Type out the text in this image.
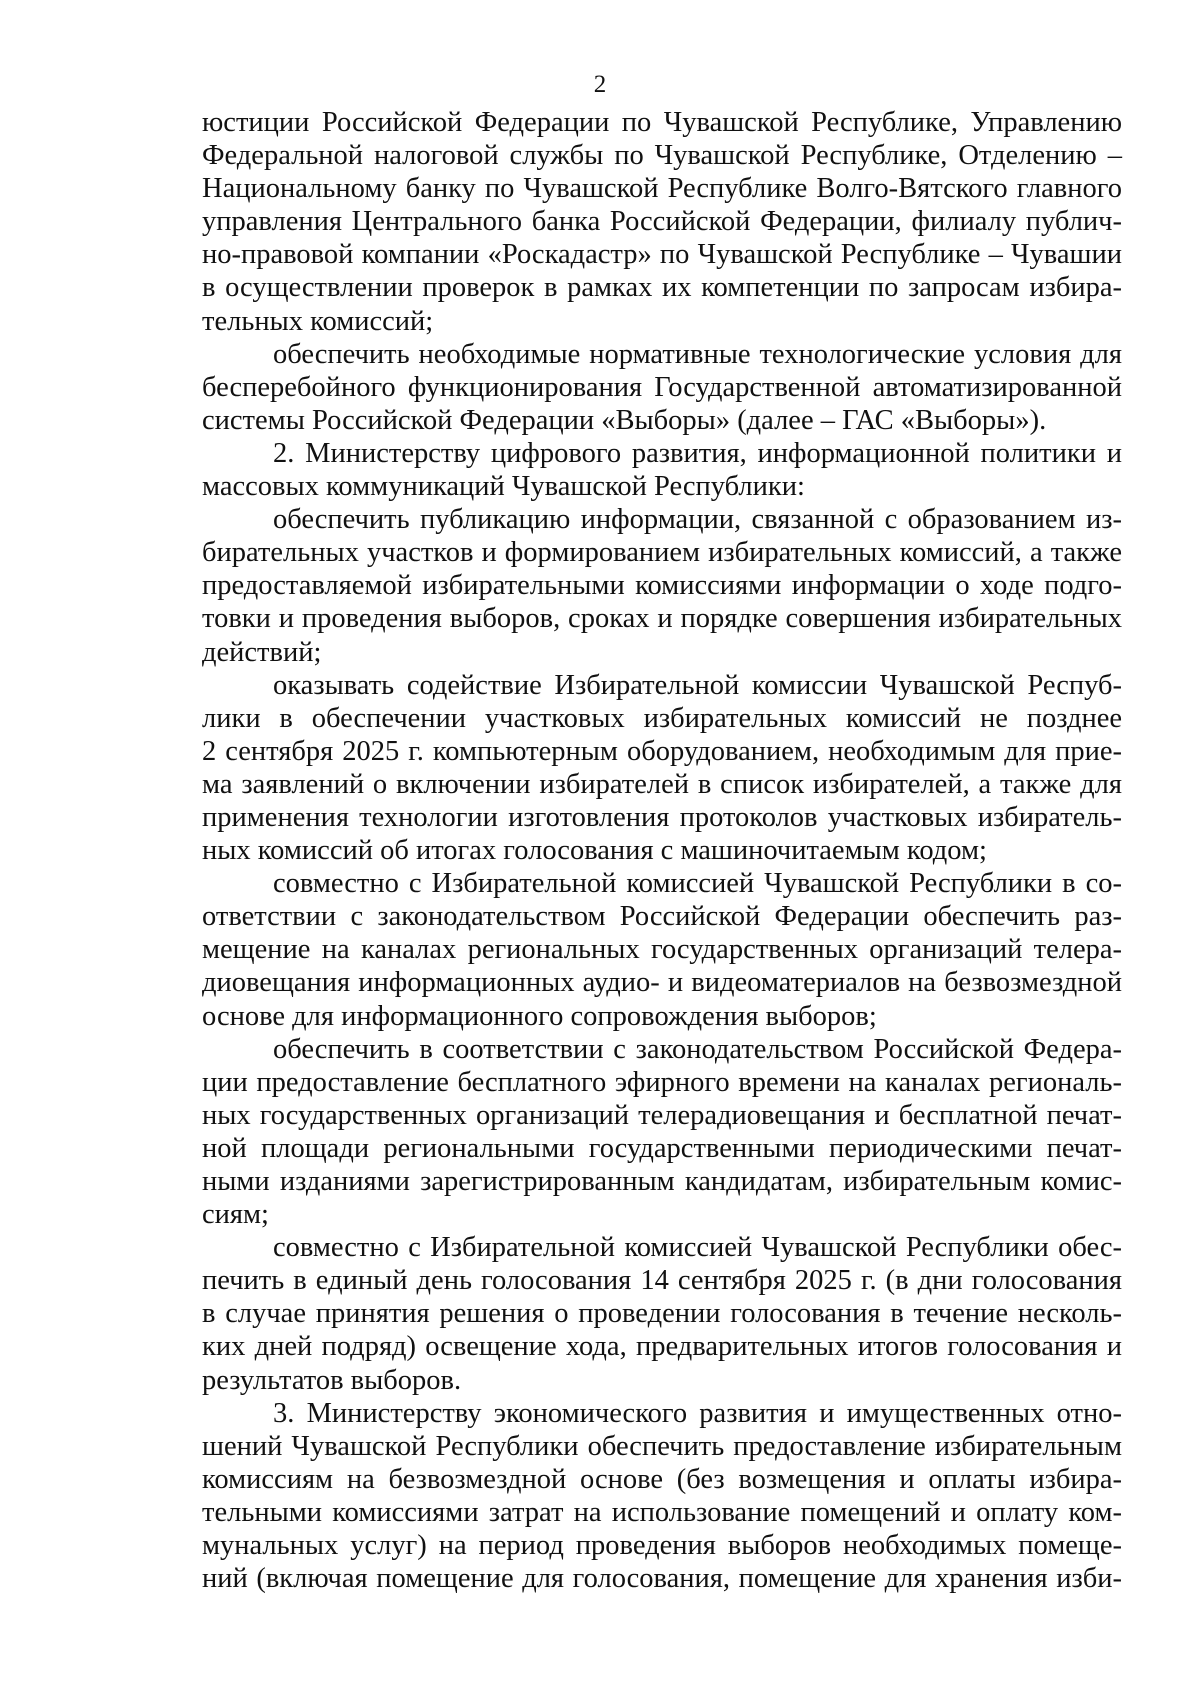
2
юстиции Российской Федерации по Чувашской Республике, Управлению
Федеральной налоговой службы по Чувашской Республике, Отделению –
Национальному банку по Чувашской Республике Волго-Вятского главного
управления Центрального банка Российской Федерации, филиалу публич-
но-правовой компании «Роскадастр» по Чувашской Республике – Чувашии
в осуществлении проверок в рамках их компетенции по запросам избира-
тельных комиссий;
обеспечить необходимые нормативные технологические условия для
бесперебойного функционирования Государственной автоматизированной
системы Российской Федерации «Выборы» (далее – ГАС «Выборы»).
2. Министерству цифрового развития, информационной политики и
массовых коммуникаций Чувашской Республики:
обеспечить публикацию информации, связанной с образованием из-
бирательных участков и формированием избирательных комиссий, а также
предоставляемой избирательными комиссиями информации о ходе подго-
товки и проведения выборов, сроках и порядке совершения избирательных
действий;
оказывать содействие Избирательной комиссии Чувашской Респуб-
лики в обеспечении участковых избирательных комиссий не позднее
2 сентября 2025 г. компьютерным оборудованием, необходимым для прие-
ма заявлений о включении избирателей в список избирателей, а также для
применения технологии изготовления протоколов участковых избиратель-
ных комиссий об итогах голосования с машиночитаемым кодом;
совместно с Избирательной комиссией Чувашской Республики в со-
ответствии с законодательством Российской Федерации обеспечить раз-
мещение на каналах региональных государственных организаций телера-
диовещания информационных аудио- и видеоматериалов на безвозмездной
основе для информационного сопровождения выборов;
обеспечить в соответствии с законодательством Российской Федера-
ции предоставление бесплатного эфирного времени на каналах региональ-
ных государственных организаций телерадиовещания и бесплатной печат-
ной площади региональными государственными периодическими печат-
ными изданиями зарегистрированным кандидатам, избирательным комис-
сиям;
совместно с Избирательной комиссией Чувашской Республики обес-
печить в единый день голосования 14 сентября 2025 г. (в дни голосования
в случае принятия решения о проведении голосования в течение несколь-
ких дней подряд) освещение хода, предварительных итогов голосования и
результатов выборов.
3. Министерству экономического развития и имущественных отно-
шений Чувашской Республики обеспечить предоставление избирательным
комиссиям на безвозмездной основе (без возмещения и оплаты избира-
тельными комиссиями затрат на использование помещений и оплату ком-
мунальных услуг) на период проведения выборов необходимых помеще-
ний (включая помещение для голосования, помещение для хранения изби-
